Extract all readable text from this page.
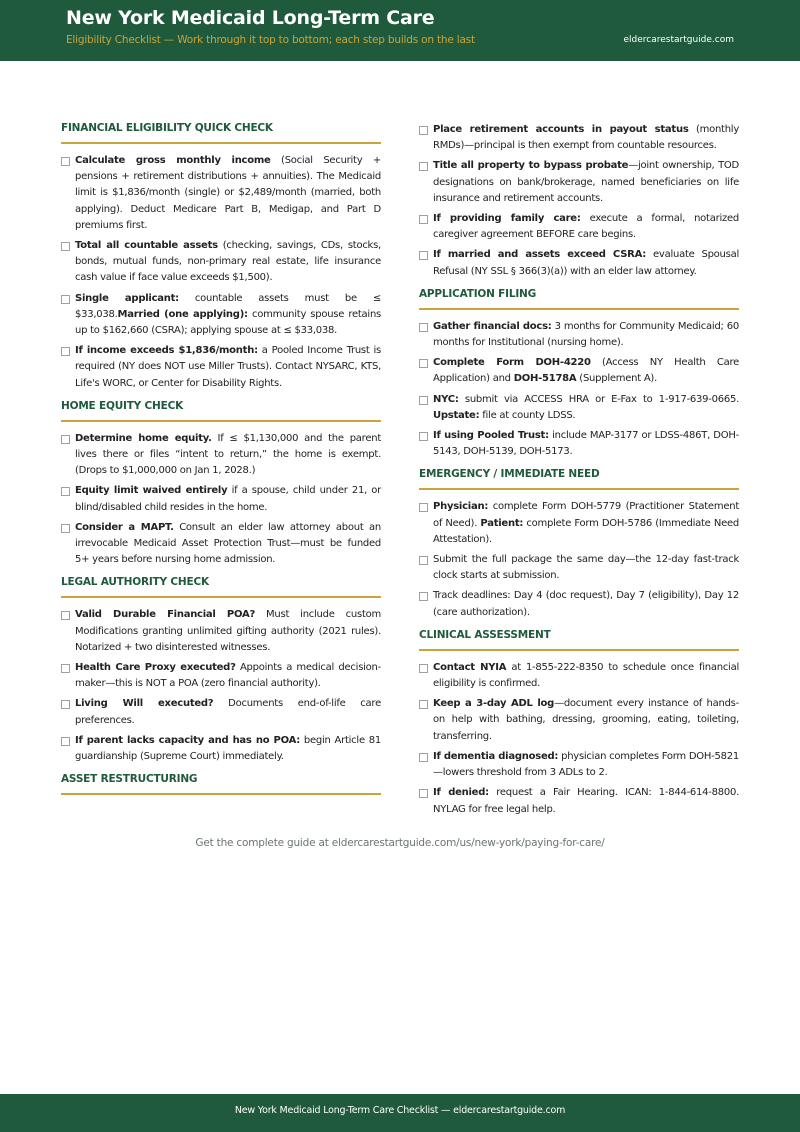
New York Medicaid Long-Term Care
Eligibility Checklist — Work through it top to bottom; each step builds on the last	eldercarestartguide.com
FINANCIAL ELIGIBILITY QUICK CHECK
Calculate gross monthly income (Social Security + pensions + retirement distributions + annuities). The Medicaid limit is $1,836/month (single) or $2,489/month (married, both applying). Deduct Medicare Part B, Medigap, and Part D premiums first.
Total all countable assets (checking, savings, CDs, stocks, bonds, mutual funds, non-primary real estate, life insurance cash value if face value exceeds $1,500).
Single applicant: countable assets must be ≤ $33,038.Married (one applying): community spouse retains up to $162,660 (CSRA); applying spouse at ≤ $33,038.
If income exceeds $1,836/month: a Pooled Income Trust is required (NY does NOT use Miller Trusts). Contact NYSARC, KTS, Life's WORC, or Center for Disability Rights.
HOME EQUITY CHECK
Determine home equity. If ≤ $1,130,000 and the parent lives there or files “intent to return,” the home is exempt. (Drops to $1,000,000 on Jan 1, 2028.)
Equity limit waived entirely if a spouse, child under 21, or blind/disabled child resides in the home.
Consider a MAPT. Consult an elder law attorney about an irrevocable Medicaid Asset Protection Trust—must be funded 5+ years before nursing home admission.
LEGAL AUTHORITY CHECK
Valid Durable Financial POA? Must include custom Modifications granting unlimited gifting authority (2021 rules). Notarized + two disinterested witnesses.
Health Care Proxy executed? Appoints a medical decision-maker—this is NOT a POA (zero financial authority).
Living Will executed? Documents end-of-life care preferences.
If parent lacks capacity and has no POA: begin Article 81 guardianship (Supreme Court) immediately.
ASSET RESTRUCTURING
Place retirement accounts in payout status (monthly RMDs)—principal is then exempt from countable resources.
Title all property to bypass probate—joint ownership, TOD designations on bank/brokerage, named beneficiaries on life insurance and retirement accounts.
If providing family care: execute a formal, notarized caregiver agreement BEFORE care begins.
If married and assets exceed CSRA: evaluate Spousal Refusal (NY SSL § 366(3)(a)) with an elder law attorney.
APPLICATION FILING
Gather financial docs: 3 months for Community Medicaid; 60 months for Institutional (nursing home).
Complete Form DOH-4220 (Access NY Health Care Application) and DOH-5178A (Supplement A).
NYC: submit via ACCESS HRA or E-Fax to 1-917-639-0665. Upstate: file at county LDSS.
If using Pooled Trust: include MAP-3177 or LDSS-486T, DOH-5143, DOH-5139, DOH-5173.
EMERGENCY / IMMEDIATE NEED
Physician: complete Form DOH-5779 (Practitioner Statement of Need). Patient: complete Form DOH-5786 (Immediate Need Attestation).
Submit the full package the same day—the 12-day fast-track clock starts at submission.
Track deadlines: Day 4 (doc request), Day 7 (eligibility), Day 12 (care authorization).
CLINICAL ASSESSMENT
Contact NYIA at 1-855-222-8350 to schedule once financial eligibility is confirmed.
Keep a 3-day ADL log—document every instance of hands-on help with bathing, dressing, grooming, eating, toileting, transferring.
If dementia diagnosed: physician completes Form DOH-5821—lowers threshold from 3 ADLs to 2.
If denied: request a Fair Hearing. ICAN: 1-844-614-8800. NYLAG for free legal help.
Get the complete guide at eldercarestartguide.com/us/new-york/paying-for-care/
New York Medicaid Long-Term Care Checklist — eldercarestartguide.com
